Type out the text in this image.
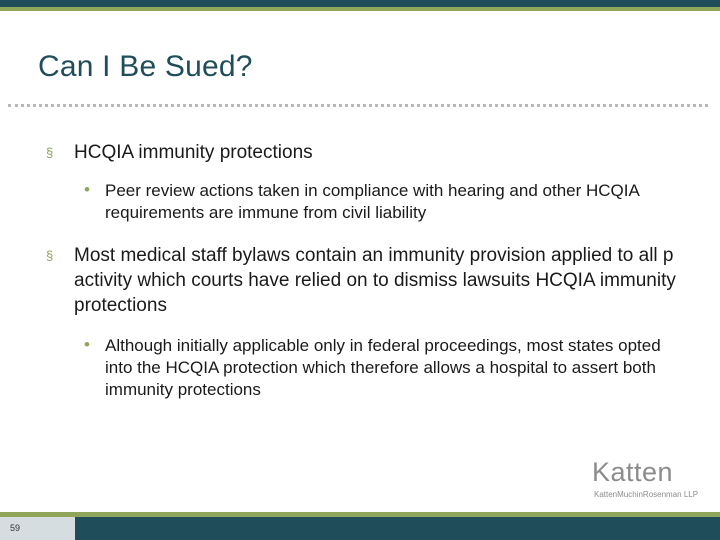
Can I Be Sued?
§ HCQIA immunity protections
• Peer review actions taken in compliance with hearing and other HCQIA requirements are immune from civil liability
§ Most medical staff bylaws contain an immunity provision applied to all p activity which courts have relied on to dismiss lawsuits HCQIA immunity protections
• Although initially applicable only in federal proceedings, most states opted into the HCQIA protection which therefore allows a hospital to assert both immunity protections
Katten
KattenMuchinRosenman LLP
59
